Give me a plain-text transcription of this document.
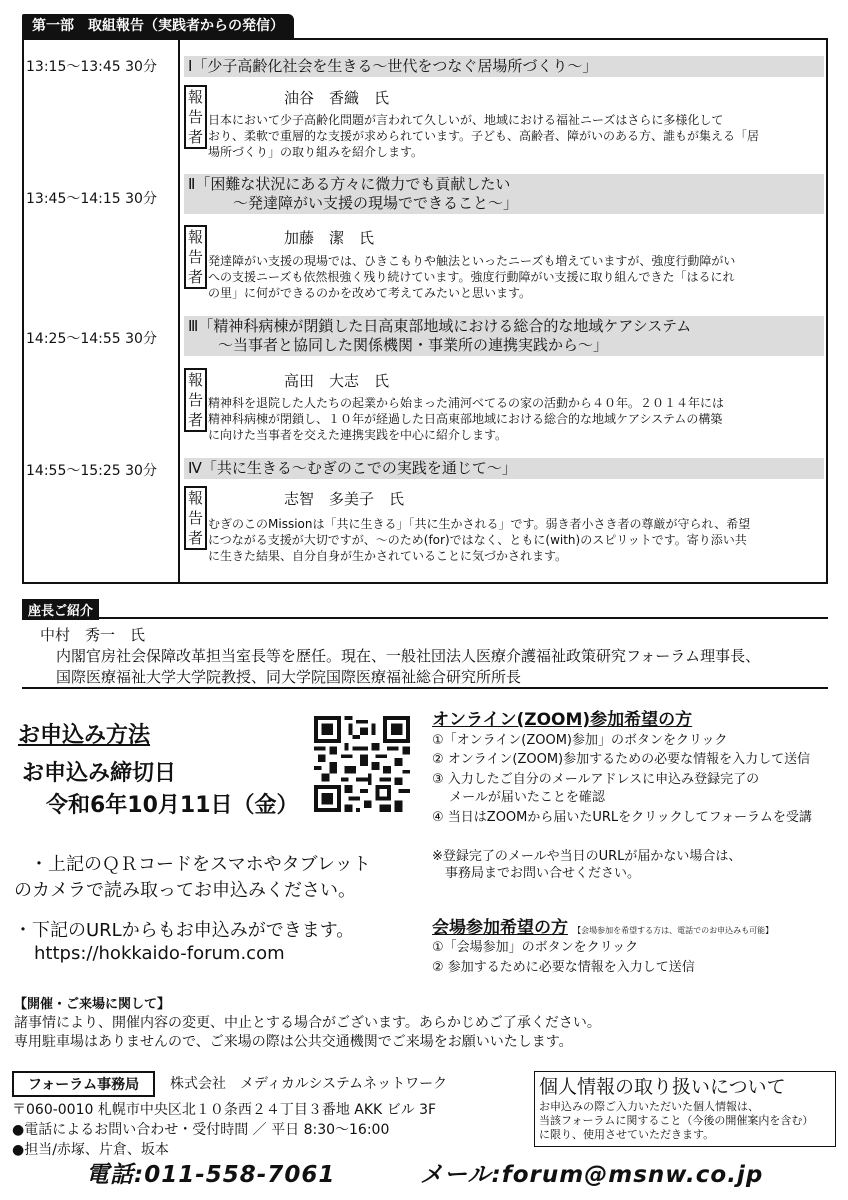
第一部　取組報告（実践者からの発信）
13:15～13:45 30分
13:45～14:15 30分
14:25～14:55 30分
14:55～15:25 30分
Ⅰ「少子高齢化社会を生きる～世代をつなぐ居場所づくり～」
報告者
油谷　香織　氏
日本において少子高齢化問題が言われて久しいが、地域における福祉ニーズはさらに多様化して
おり、柔軟で重層的な支援が求められています。子ども、高齢者、障がいのある方、誰もが集える「居
場所づくり」の取り組みを紹介します。
Ⅱ「困難な状況にある方々に微力でも貢献したい
　　　～発達障がい支援の現場でできること～」
報告者
加藤　潔　氏
発達障がい支援の現場では、ひきこもりや触法といったニーズも増えていますが、強度行動障がい
への支援ニーズも依然根強く残り続けています。強度行動障がい支援に取り組んできた「はるにれ
の里」に何ができるのかを改めて考えてみたいと思います。
Ⅲ「精神科病棟が閉鎖した日高東部地域における総合的な地域ケアシステム
　　～当事者と協同した関係機関・事業所の連携実践から～」
報告者
高田　大志　氏
精神科を退院した人たちの起業から始まった浦河べてるの家の活動から４０年。２０１４年には
精神科病棟が閉鎖し、１０年が経過した日高東部地域における総合的な地域ケアシステムの構築
に向けた当事者を交えた連携実践を中心に紹介します。
Ⅳ「共に生きる～むぎのこでの実践を通じて～」
報告者
志智　多美子　氏
むぎのこのMissionは「共に生きる」「共に生かされる」です。弱き者小さき者の尊厳が守られ、希望
につながる支援が大切ですが、～のため(for)ではなく、ともに(with)のスピリットです。寄り添い共
に生きた結果、自分自身が生かされていることに気づかされます。
座長ご紹介
中村　秀一　氏
内閣官房社会保障改革担当室長等を歴任。現在、一般社団法人医療介護福祉政策研究フォーラム理事長、
国際医療福祉大学大学院教授、同大学院国際医療福祉総合研究所所長
お申込み方法
お申込み締切日
令和6年10月11日（金）
・上記のＱＲコードをスマホやタブレット
のカメラで読み取ってお申込みください。
・下記のURLからもお申込みができます。
https://hokkaido-forum.com
オンライン(ZOOM)参加希望の方
①「オンライン(ZOOM)参加」のボタンをクリック
② オンライン(ZOOM)参加するための必要な情報を入力して送信
③ 入力したご自分のメールアドレスに申込み登録完了の
　 メールが届いたことを確認
④ 当日はZOOMから届いたURLをクリックしてフォーラムを受講
※登録完了のメールや当日のURLが届かない場合は、
　事務局までお問い合せください。
会場参加希望の方 【会場参加を希望する方は、電話でのお申込みも可能】
①「会場参加」のボタンをクリック
② 参加するために必要な情報を入力して送信
【開催・ご来場に関して】
諸事情により、開催内容の変更、中止とする場合がございます。あらかじめご了承ください。
専用駐車場はありませんので、ご来場の際は公共交通機関でご来場をお願いいたします。
フォーラム事務局	株式会社　メディカルシステムネットワーク
〒060-0010 札幌市中央区北１０条西２４丁目３番地 AKK ビル 3F
●電話によるお問い合わせ・受付時間 ／ 平日 8:30～16:00
●担当/赤塚、片倉、坂本
個人情報の取り扱いについて
お申込みの際ご入力いただいた個人情報は、
当該フォーラムに関すること（今後の開催案内を含む）
に限り、使用させていただきます。
電話:011-558-7061	メール:forum@msnw.co.jp
